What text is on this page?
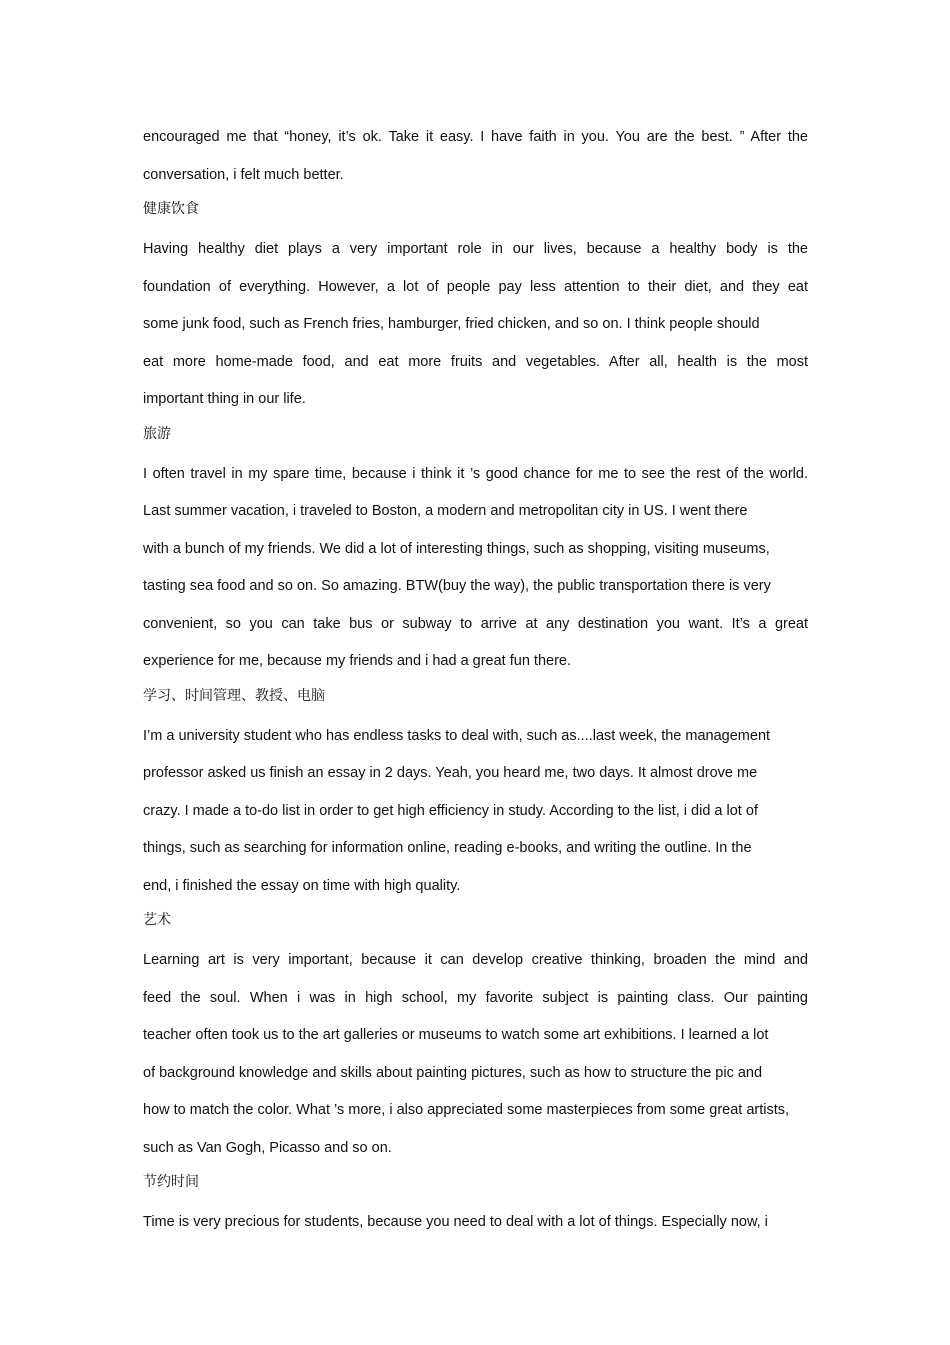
encouraged me that “honey, it’s ok. Take it easy. I have faith in you. You are the best. ” After the
conversation, i felt much better.
健康饮食
Having healthy diet plays a very important role in our lives, because a healthy body is the
foundation of everything. However, a lot of people pay less attention to their diet, and they eat
some junk food, such as French fries, hamburger, fried chicken, and so on. I think people should
eat more home-made food, and eat more fruits and vegetables. After all, health is the most
important thing in our life.
旅游
I often travel in my spare time, because i think it ’s good chance for me to see the rest of the world.
Last summer vacation, i traveled to Boston, a modern and metropolitan city in US. I went there
with a bunch of my friends. We did a lot of interesting things, such as shopping, visiting museums,
tasting sea food and so on. So amazing. BTW(buy the way), the public transportation there is very
convenient, so you can take bus or subway to arrive at any destination you want. It’s a great
experience for me, because my friends and i had a great fun there.
学习、时间管理、教授、电脑
I’m a university student who has endless tasks to deal with, such as....last week, the management
professor asked us finish an essay in 2 days. Yeah, you heard me, two days. It almost drove me
crazy. I made a to-do list in order to get high efficiency in study. According to the list, i did a lot of
things, such as searching for information online, reading e-books, and writing the outline. In the
end, i finished the essay on time with high quality.
艺术
Learning art is very important, because it can develop creative thinking, broaden the mind and
feed the soul. When i was in high school, my favorite subject is painting class. Our painting
teacher often took us to the art galleries or museums to watch some art exhibitions. I learned a lot
of background knowledge and skills about painting pictures, such as how to structure the pic and
how to match the color. What ’s more, i also appreciated some masterpieces from some great artists,
such as Van Gogh, Picasso and so on.
节约时间
Time is very precious for students, because you need to deal with a lot of things. Especially now, i
